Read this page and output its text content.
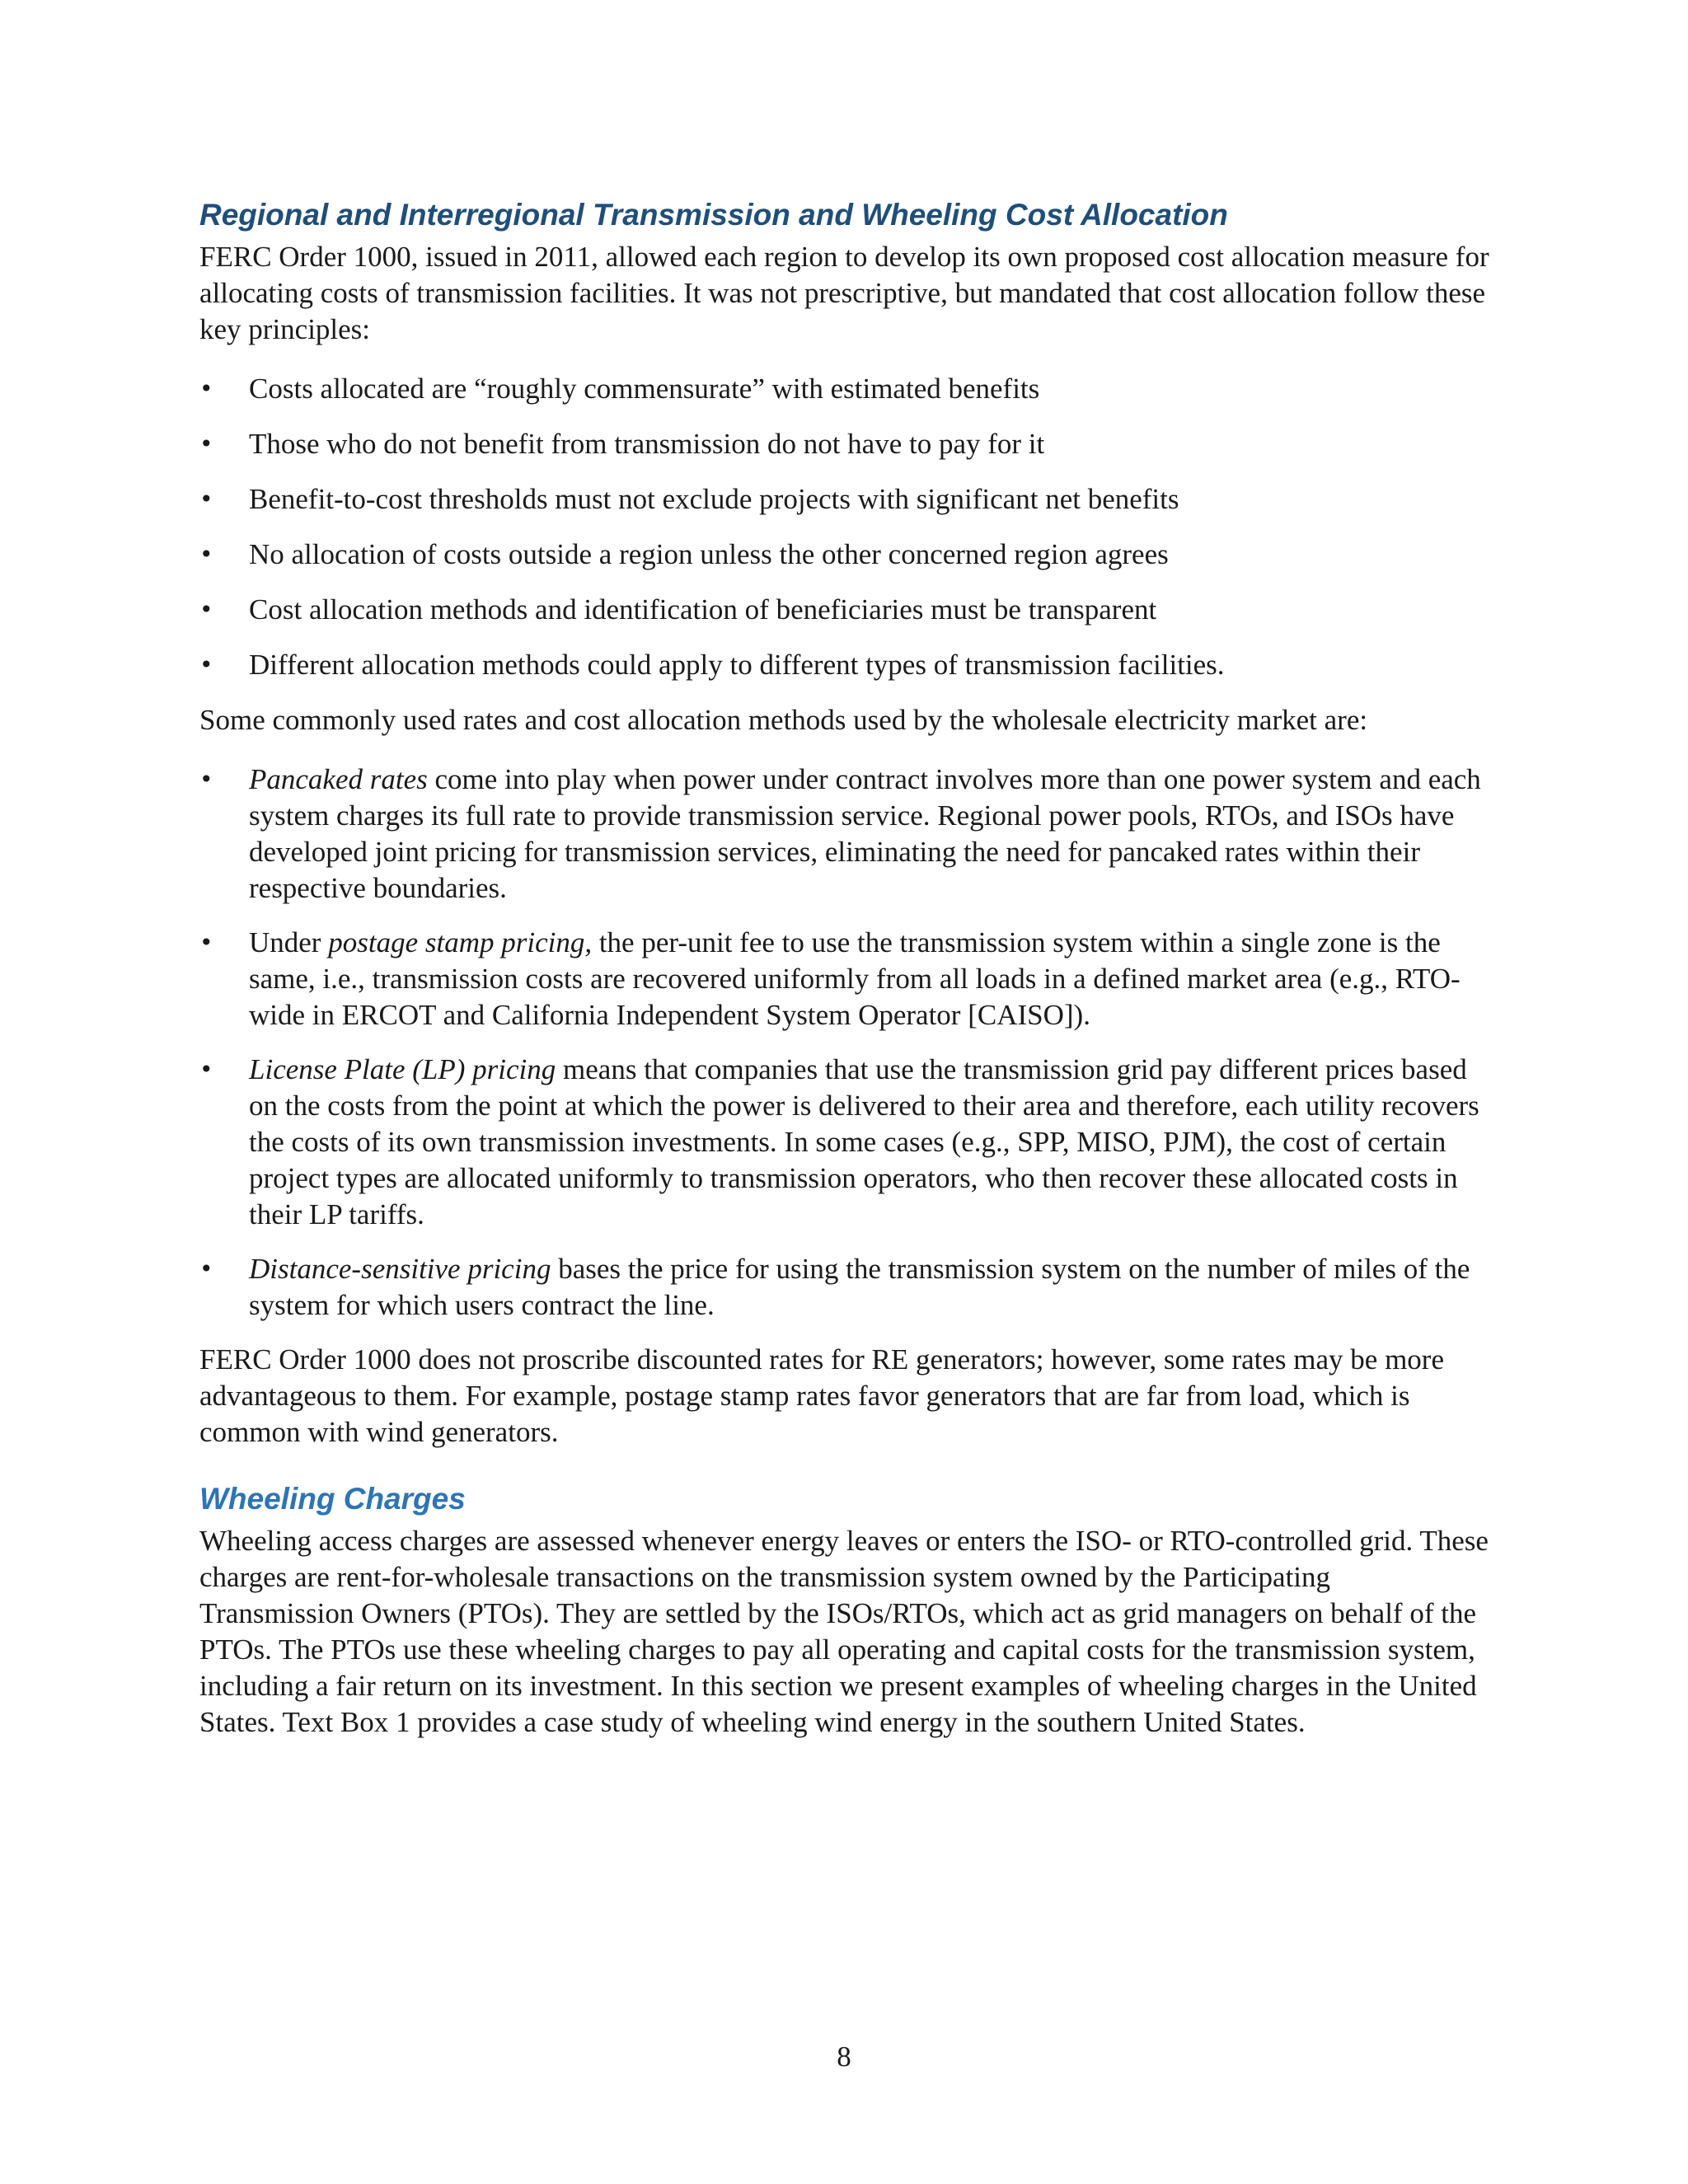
Regional and Interregional Transmission and Wheeling Cost Allocation

FERC Order 1000, issued in 2011, allowed each region to develop its own proposed cost allocation measure for allocating costs of transmission facilities. It was not prescriptive, but mandated that cost allocation follow these key principles:

•	Costs allocated are “roughly commensurate” with estimated benefits
•	Those who do not benefit from transmission do not have to pay for it
•	Benefit-to-cost thresholds must not exclude projects with significant net benefits
•	No allocation of costs outside a region unless the other concerned region agrees
•	Cost allocation methods and identification of beneficiaries must be transparent
•	Different allocation methods could apply to different types of transmission facilities.

Some commonly used rates and cost allocation methods used by the wholesale electricity market are:

•	Pancaked rates come into play when power under contract involves more than one power system and each system charges its full rate to provide transmission service. Regional power pools, RTOs, and ISOs have developed joint pricing for transmission services, eliminating the need for pancaked rates within their respective boundaries.
•	Under postage stamp pricing, the per-unit fee to use the transmission system within a single zone is the same, i.e., transmission costs are recovered uniformly from all loads in a defined market area (e.g., RTO-wide in ERCOT and California Independent System Operator [CAISO]).
•	License Plate (LP) pricing means that companies that use the transmission grid pay different prices based on the costs from the point at which the power is delivered to their area and therefore, each utility recovers the costs of its own transmission investments. In some cases (e.g., SPP, MISO, PJM), the cost of certain project types are allocated uniformly to transmission operators, who then recover these allocated costs in their LP tariffs.
•	Distance-sensitive pricing bases the price for using the transmission system on the number of miles of the system for which users contract the line.

FERC Order 1000 does not proscribe discounted rates for RE generators; however, some rates may be more advantageous to them. For example, postage stamp rates favor generators that are far from load, which is common with wind generators.

Wheeling Charges

Wheeling access charges are assessed whenever energy leaves or enters the ISO- or RTO-controlled grid. These charges are rent-for-wholesale transactions on the transmission system owned by the Participating Transmission Owners (PTOs). They are settled by the ISOs/RTOs, which act as grid managers on behalf of the PTOs. The PTOs use these wheeling charges to pay all operating and capital costs for the transmission system, including a fair return on its investment. In this section we present examples of wheeling charges in the United States. Text Box 1 provides a case study of wheeling wind energy in the southern United States.

8
